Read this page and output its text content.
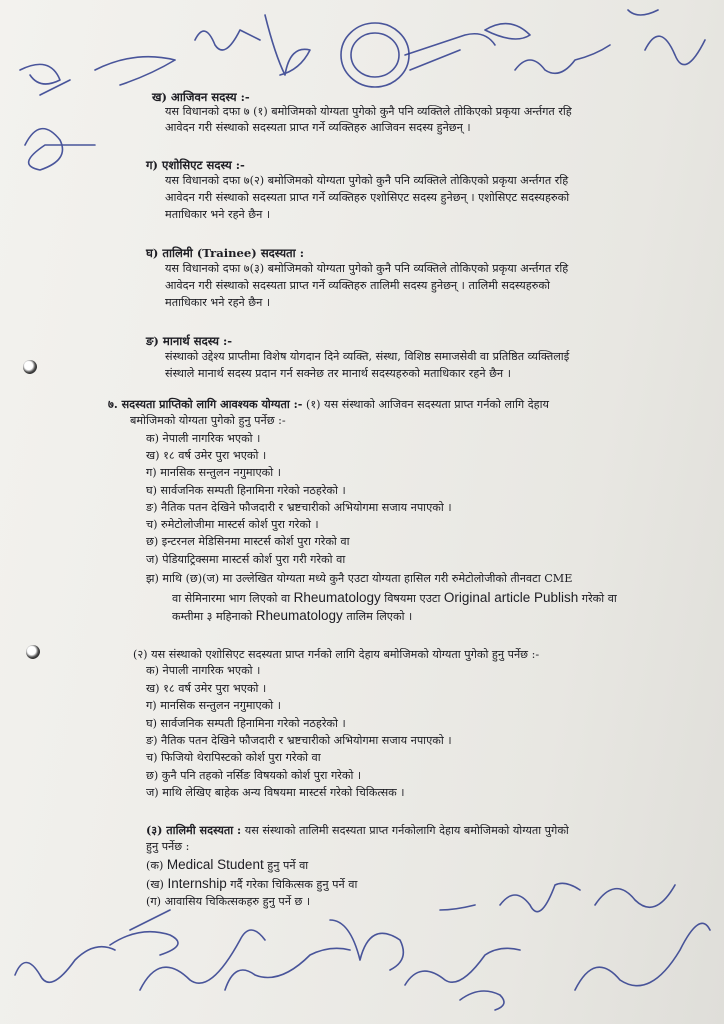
ख) आजिवन सदस्य :-
यस विधानको दफा ७ (१) बमोजिमको योग्यता पुगेको कुनै पनि व्यक्तिले तोकिएको प्रकृया अर्न्तगत रहि
आवेदन गरी संस्थाको सदस्यता प्राप्त गर्ने व्यक्तिहरु आजिवन सदस्य हुनेछन् ।
ग) एशोसिएट सदस्य :-
यस विधानको दफा ७(२) बमोजिमको योग्यता पुगेको कुनै पनि व्यक्तिले तोकिएको प्रकृया अर्न्तगत रहि
आवेदन गरी संस्थाको सदस्यता प्राप्त गर्ने व्यक्तिहरु एशोसिएट सदस्य हुनेछन् । एशोसिएट सदस्यहरुको
मताधिकार भने रहने छैन ।
घ) तालिमी (Trainee) सदस्यता :
यस विधानको दफा ७(३) बमोजिमको योग्यता पुगेको कुनै पनि व्यक्तिले तोकिएको प्रकृया अर्न्तगत रहि
आवेदन गरी संस्थाको सदस्यता प्राप्त गर्ने व्यक्तिहरु तालिमी सदस्य हुनेछन् । तालिमी सदस्यहरुको
मताधिकार भने रहने छैन ।
ङ) मानार्थ सदस्य :-
संस्थाको उद्देश्य प्राप्तीमा विशेष योगदान दिने व्यक्ति, संस्था, विशिष्ठ समाजसेवी वा प्रतिष्ठित व्यक्तिलाई
संस्थाले मानार्थ सदस्य प्रदान गर्न सक्नेछ तर मानार्थ सदस्यहरुको मताधिकार रहने छैन ।
७. सदस्यता प्राप्तिको लागि आवश्यक योग्यता :- (१) यस संस्थाको आजिवन सदस्यता प्राप्त गर्नको लागि देहाय
बमोजिमको योग्यता पुगेको हुनु पर्नेछ :-
क) नेपाली नागरिक भएको ।
ख) १८ वर्ष उमेर पुरा भएको ।
ग) मानसिक सन्तुलन नगुमाएको ।
घ) सार्वजनिक सम्पती हिनामिना गरेको नठहरेको ।
ङ) नैतिक पतन देखिने फौजदारी र भ्रष्टचारीको अभियोगमा सजाय नपाएको ।
च) रुमेटोलोजीमा मास्टर्स कोर्श पुरा गरेको ।
छ) इन्टरनल मेडिसिनमा मास्टर्स कोर्श पुरा गरेको वा
ज) पेडियाट्रिक्समा मास्टर्स कोर्श पुरा गरी गरेको वा
झ) माथि (छ)(ज) मा उल्लेखित योग्यता मध्ये कुनै एउटा योग्यता हासिल गरी रुमेटोलोजीको तीनवटा CME
वा सेमिनारमा भाग लिएको वा Rheumatology विषयमा एउटा Original article Publish गरेको वा
कम्तीमा ३ महिनाको Rheumatology तालिम लिएको ।
(२) यस संस्थाको एशोसिएट सदस्यता प्राप्त गर्नको लागि देहाय बमोजिमको योग्यता पुगेको हुनु पर्नेछ :-
क) नेपाली नागरिक भएको ।
ख) १८ वर्ष उमेर पुरा भएको ।
ग) मानसिक सन्तुलन नगुमाएको ।
घ) सार्वजनिक सम्पती हिनामिना गरेको नठहरेको ।
ङ) नैतिक पतन देखिने फौजदारी र भ्रष्टचारीको अभियोगमा सजाय नपाएको ।
च) फिजियो थेरापिस्टको कोर्श पुरा गरेको वा
छ) कुनै पनि तहको नर्सिङ विषयको कोर्श पुरा गरेको ।
ज) माथि लेखिए बाहेक अन्य विषयमा मास्टर्स गरेको चिकित्सक ।
(३) तालिमी सदस्यता : यस संस्थाको तालिमी सदस्यता प्राप्त गर्नकोलागि देहाय बमोजिमको योग्यता पुगेको
हुनु पर्नेछ :
(क) Medical Student हुनु पर्ने वा
(ख) Internship गर्दै गरेका चिकित्सक हुनु पर्ने वा
(ग) आवासिय चिकित्सकहरु हुनु पर्ने छ ।
